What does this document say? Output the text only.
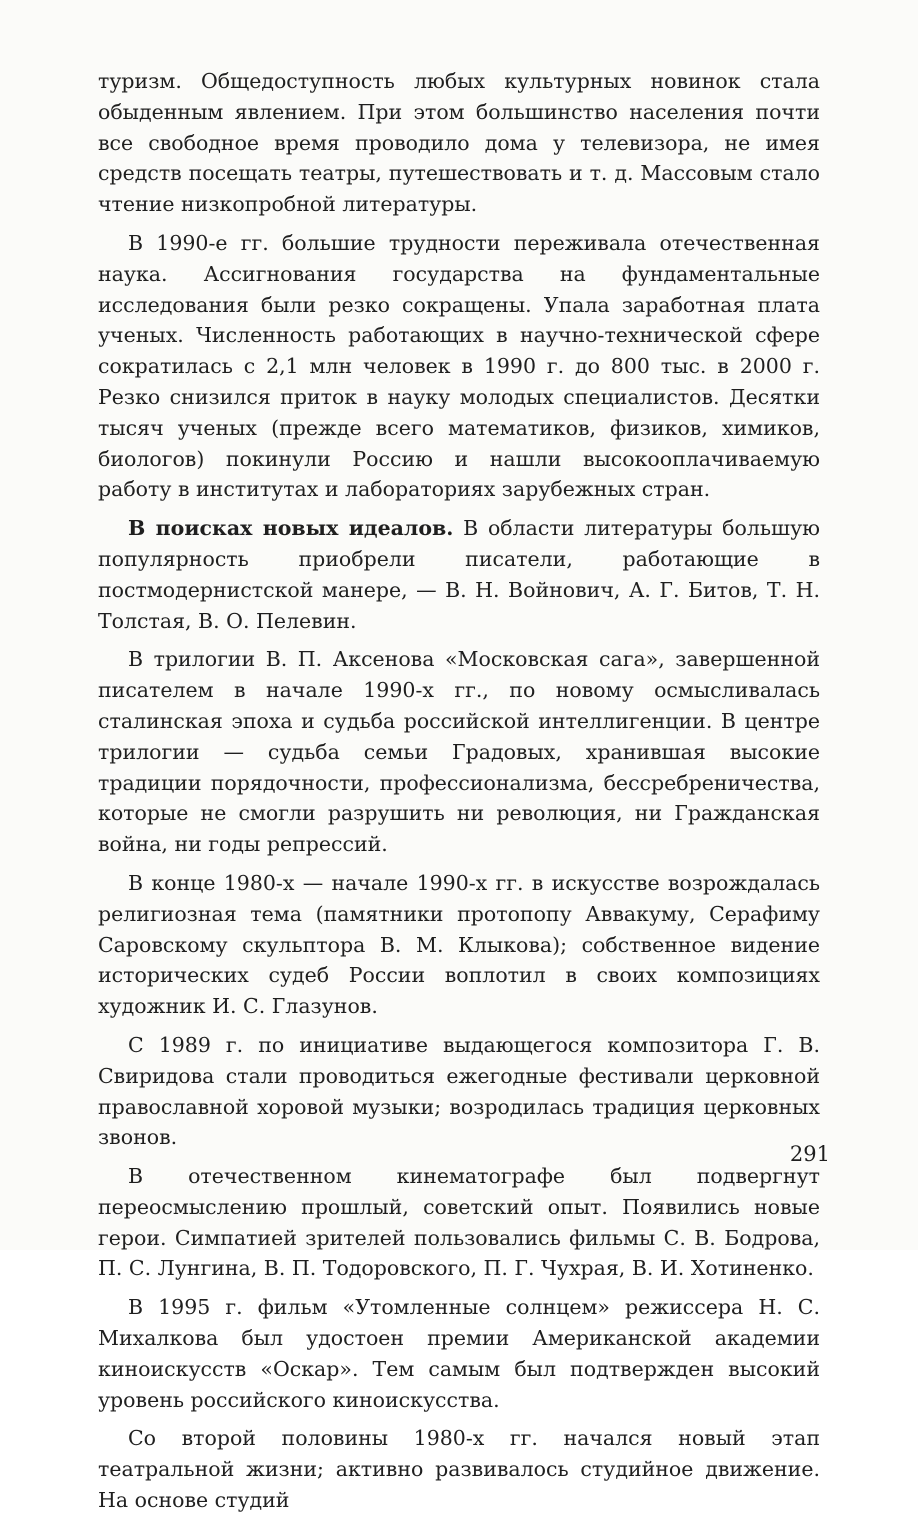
туризм. Общедоступность любых культурных новинок стала обыденным явлением. При этом большинство населения почти все свободное время проводило дома у телевизора, не имея средств посещать театры, путешествовать и т. д. Массовым стало чтение низкопробной литературы.

В 1990-е гг. большие трудности переживала отечественная наука. Ассигнования государства на фундаментальные исследования были резко сокращены. Упала заработная плата ученых. Численность работающих в научно-технической сфере сократилась с 2,1 млн человек в 1990 г. до 800 тыс. в 2000 г. Резко снизился приток в науку молодых специалистов. Десятки тысяч ученых (прежде всего математиков, физиков, химиков, биологов) покинули Россию и нашли высокооплачиваемую работу в институтах и лабораториях зарубежных стран.

В поисках новых идеалов. В области литературы большую популярность приобрели писатели, работающие в постмодернистской манере, — В. Н. Войнович, А. Г. Битов, Т. Н. Толстая, В. О. Пелевин.

В трилогии В. П. Аксенова «Московская сага», завершенной писателем в начале 1990-х гг., по новому осмысливалась сталинская эпоха и судьба российской интеллигенции. В центре трилогии — судьба семьи Градовых, хранившая высокие традиции порядочности, профессионализма, бессребреничества, которые не смогли разрушить ни революция, ни Гражданская война, ни годы репрессий.

В конце 1980-х — начале 1990-х гг. в искусстве возрождалась религиозная тема (памятники протопопу Аввакуму, Серафиму Саровскому скульптора В. М. Клыкова); собственное видение исторических судеб России воплотил в своих композициях художник И. С. Глазунов.

С 1989 г. по инициативе выдающегося композитора Г. В. Свиридова стали проводиться ежегодные фестивали церковной православной хоровой музыки; возродилась традиция церковных звонов.

В отечественном кинематографе был подвергнут переосмыслению прошлый, советский опыт. Появились новые герои. Симпатией зрителей пользовались фильмы С. В. Бодрова, П. С. Лунгина, В. П. Тодоровского, П. Г. Чухрая, В. И. Хотиненко.

В 1995 г. фильм «Утомленные солнцем» режиссера Н. С. Михалкова был удостоен премии Американской академии киноискусств «Оскар». Тем самым был подтвержден высокий уровень российского киноискусства.

Со второй половины 1980-х гг. начался новый этап театральной жизни; активно развивалось студийное движение. На основе студий

291
